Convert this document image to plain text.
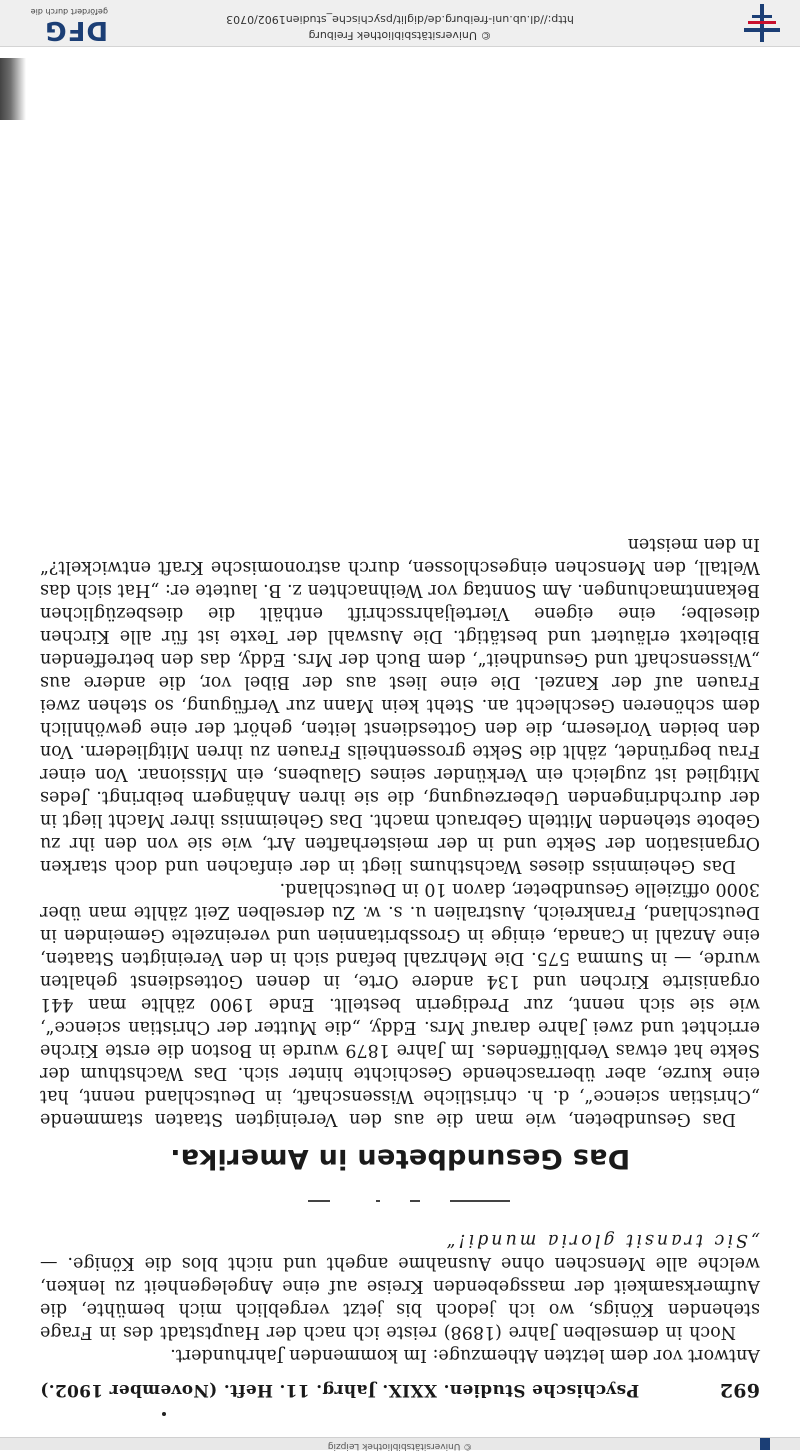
DFG
gefördert durch die
© Universitätsbibliothek Freiburg
http://dl.ub.uni-freiburg.de/diglit/psychische_studien1902/0703
692
Psychische Studien. XXIX. Jahrg. 11. Heft. (November 1902.)

Antwort vor dem letzten Athemzuge: Im kommenden Jahrhundert.

Noch in demselben Jahre (1898) reiste ich nach der Hauptstadt des in Frage stehenden Königs, wo ich jedoch bis jetzt vergeblich mich bemühte, die Aufmerksamkeit der massgebenden Kreise auf eine Angelegenheit zu lenken, welche alle Menschen ohne Ausnahme angeht und nicht blos die Könige. — „Sic transit gloria mundi!“

Das Gesundbeten in Amerika.

Das Gesundbeten, wie man die aus den Vereinigten Staaten stammende „Christian science“, d. h. christliche Wissenschaft, in Deutschland nennt, hat eine kurze, aber überraschende Geschichte hinter sich. Das Wachsthum der Sekte hat etwas Verblüffendes. Im Jahre 1879 wurde in Boston die erste Kirche errichtet und zwei Jahre darauf Mrs. Eddy, „die Mutter der Christian science“, wie sie sich nennt, zur Predigerin bestellt. Ende 1900 zählte man 441 organisirte Kirchen und 134 andere Orte, in denen Gottesdienst gehalten wurde, — in Summa 575. Die Mehrzahl befand sich in den Vereinigten Staaten, eine Anzahl in Canada, einige in Grossbritannien und vereinzelte Gemeinden in Deutschland, Frankreich, Australien u. s. w. Zu derselben Zeit zählte man über 3000 offizielle Gesundbeter, davon 10 in Deutschland.

Das Geheimniss dieses Wachsthums liegt in der einfachen und doch starken Organisation der Sekte und in der meisterhaften Art, wie sie von den ihr zu Gebote stehenden Mitteln Gebrauch macht. Das Geheimniss ihrer Macht liegt in der durchdringenden Ueberzeugung, die sie ihren Anhängern beibringt. Jedes Mitglied ist zugleich ein Verkünder seines Glaubens, ein Missionar. Von einer Frau begründet, zählt die Sekte grossentheils Frauen zu ihren Mitgliedern. Von den beiden Vorlesern, die den Gottesdienst leiten, gehört der eine gewöhnlich dem schöneren Geschlecht an. Steht kein Mann zur Verfügung, so stehen zwei Frauen auf der Kanzel. Die eine liest aus der Bibel vor, die andere aus „Wissenschaft und Gesundheit“, dem Buch der Mrs. Eddy, das den betreffenden Bibeltext erläutert und bestätigt. Die Auswahl der Texte ist für alle Kirchen dieselbe; eine eigene Vierteljahrsschrift enthält die diesbezüglichen Bekanntmachungen. Am Sonntag vor Weihnachten z. B. lautete er: „Hat sich das Weltall, den Menschen eingeschlossen, durch astronomische Kraft entwickelt?“ In den meisten

© Universitätsbibliothek Leipzig
